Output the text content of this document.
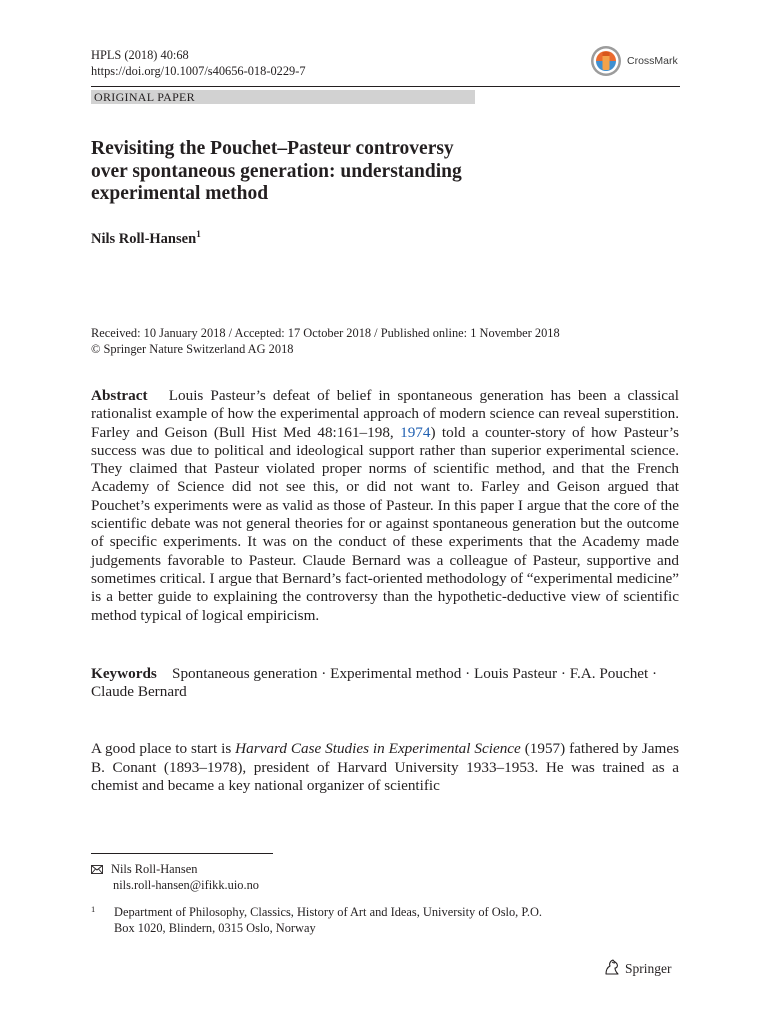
HPLS (2018) 40:68
https://doi.org/10.1007/s40656-018-0229-7
CrossMark
ORIGINAL PAPER
Revisiting the Pouchet–Pasteur controversy
over spontaneous generation: understanding
experimental method
Nils Roll-Hansen$^1$
Received: 10 January 2018 / Accepted: 17 October 2018 / Published online: 1 November 2018
© Springer Nature Switzerland AG 2018
Abstract Louis Pasteur’s defeat of belief in spontaneous generation has been a classical rationalist example of how the experimental approach of modern science can reveal superstition. Farley and Geison (Bull Hist Med 48:161–198, 1974) told a counter-story of how Pasteur’s success was due to political and ideological support rather than superior experimental science. They claimed that Pasteur violated proper norms of scientific method, and that the French Academy of Science did not see this, or did not want to. Farley and Geison argued that Pouchet’s experiments were as valid as those of Pasteur. In this paper I argue that the core of the scientific debate was not general theories for or against spontaneous generation but the outcome of specific experiments. It was on the conduct of these experiments that the Academy made judgements favorable to Pasteur. Claude Bernard was a colleague of Pasteur, supportive and sometimes critical. I argue that Bernard’s fact-oriented methodology of “experimental medicine” is a better guide to explaining the controversy than the hypothetic-deductive view of scientific method typical of logical empiricism.
Keywords Spontaneous generation · Experimental method · Louis Pasteur · F.A. Pouchet · Claude Bernard
A good place to start is Harvard Case Studies in Experimental Science (1957) fathered by James B. Conant (1893–1978), president of Harvard University 1933–1953. He was trained as a chemist and became a key national organizer of scientific
Nils Roll-Hansen
nils.roll-hansen@ifikk.uio.no
1	Department of Philosophy, Classics, History of Art and Ideas, University of Oslo, P.O.
Box 1020, Blindern, 0315 Oslo, Norway
Springer
